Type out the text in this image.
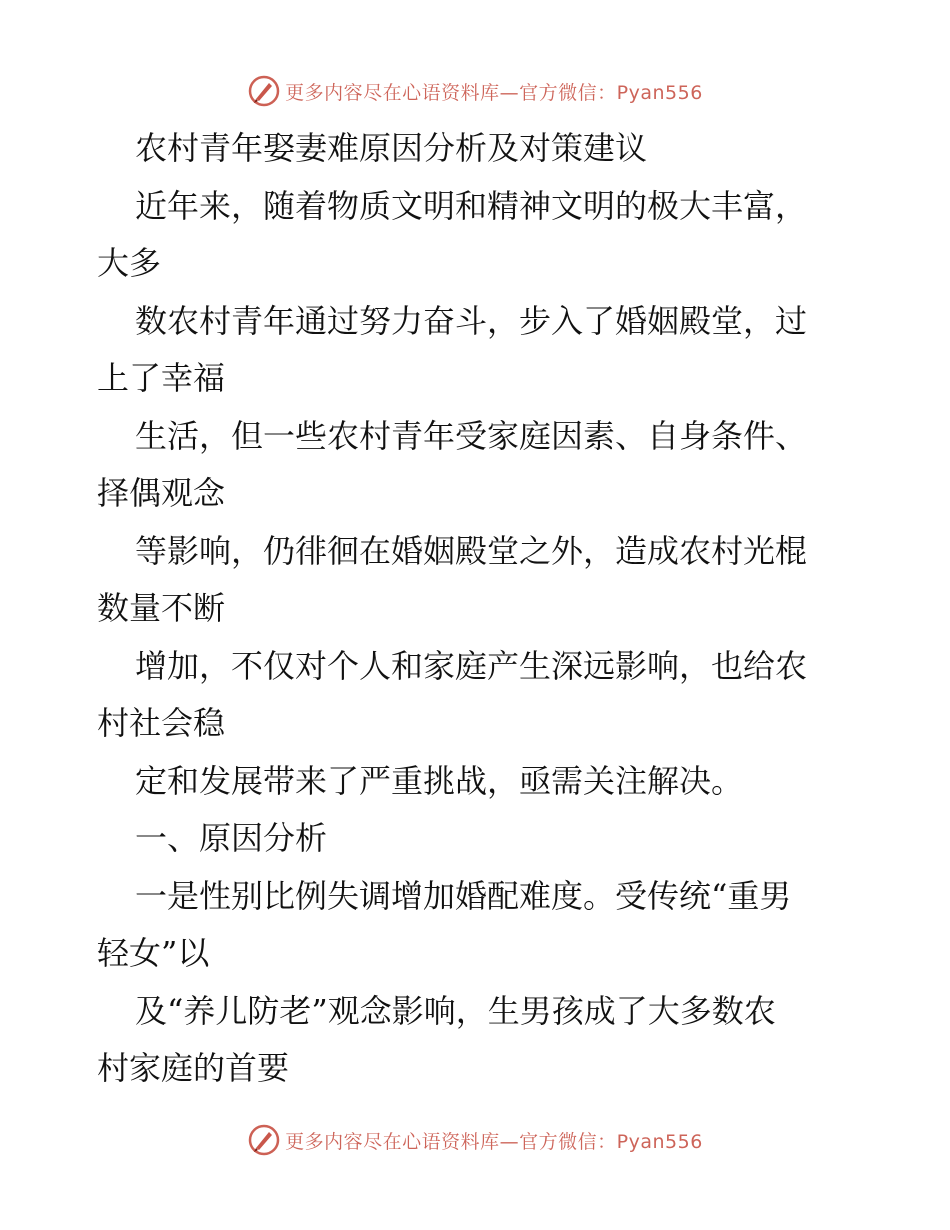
更多内容尽在心语资料库—官方微信：Pyan556
农村青年娶妻难原因分析及对策建议
近年来，随着物质文明和精神文明的极大丰富，
大多
数农村青年通过努力奋斗，步入了婚姻殿堂，过
上了幸福
生活，但一些农村青年受家庭因素、自身条件、
择偶观念
等影响，仍徘徊在婚姻殿堂之外，造成农村光棍
数量不断
增加，不仅对个人和家庭产生深远影响，也给农
村社会稳
定和发展带来了严重挑战，亟需关注解决。
一、原因分析
一是性别比例失调增加婚配难度。受传统“重男
轻女”以
及“养儿防老”观念影响，生男孩成了大多数农
村家庭的首要
更多内容尽在心语资料库—官方微信：Pyan556
